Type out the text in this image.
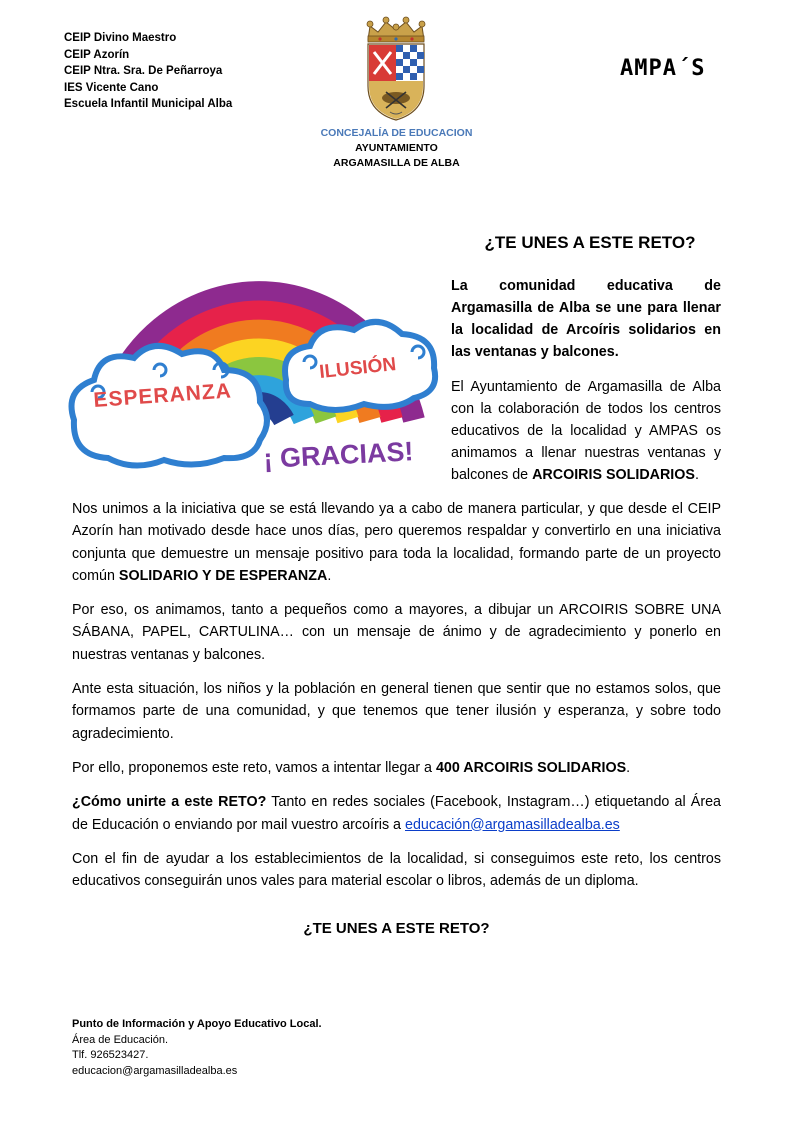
CEIP Divino Maestro
CEIP Azorín
CEIP Ntra. Sra. De Peñarroya
IES Vicente Cano
Escuela Infantil Municipal Alba
CONCEJALÍA DE EDUCACION
AYUNTAMIENTO
ARGAMASILLA DE ALBA
AMPA´S
ESPERANZA
ILUSIÓN
¡ GRACIAS!
¿TE UNES A ESTE RETO?
La comunidad educativa de Argamasilla de Alba se une para llenar la localidad de Arcoíris solidarios en las ventanas y balcones.
El Ayuntamiento de Argamasilla de Alba con la colaboración de todos los centros educativos de la localidad y AMPAS os animamos a llenar nuestras ventanas y balcones de ARCOIRIS SOLIDARIOS.

Nos unimos a la iniciativa que se está llevando ya a cabo de manera particular, y que desde el CEIP Azorín han motivado desde hace unos días, pero queremos respaldar y convertirlo en una iniciativa conjunta que demuestre un mensaje positivo para toda la localidad, formando parte de un proyecto común SOLIDARIO Y DE ESPERANZA.

Por eso, os animamos, tanto a pequeños como a mayores, a dibujar un ARCOIRIS SOBRE UNA SÁBANA, PAPEL, CARTULINA… con un mensaje de ánimo y de agradecimiento y ponerlo en nuestras ventanas y balcones.

Ante esta situación, los niños y la población en general tienen que sentir que no estamos solos, que formamos parte de una comunidad, y que tenemos que tener ilusión y esperanza, y sobre todo agradecimiento.

Por ello, proponemos este reto, vamos a intentar llegar a 400 ARCOIRIS SOLIDARIOS.

¿Cómo unirte a este RETO? Tanto en redes sociales (Facebook, Instagram…) etiquetando al Área de Educación o enviando por mail vuestro arcoíris a educación@argamasilladealba.es

Con el fin de ayudar a los establecimientos de la localidad, si conseguimos este reto, los centros educativos conseguirán unos vales para material escolar o libros, además de un diploma.

¿TE UNES A ESTE RETO?
Punto de Información y Apoyo Educativo Local.
Área de Educación.
Tlf. 926523427.
educacion@argamasilladealba.es
